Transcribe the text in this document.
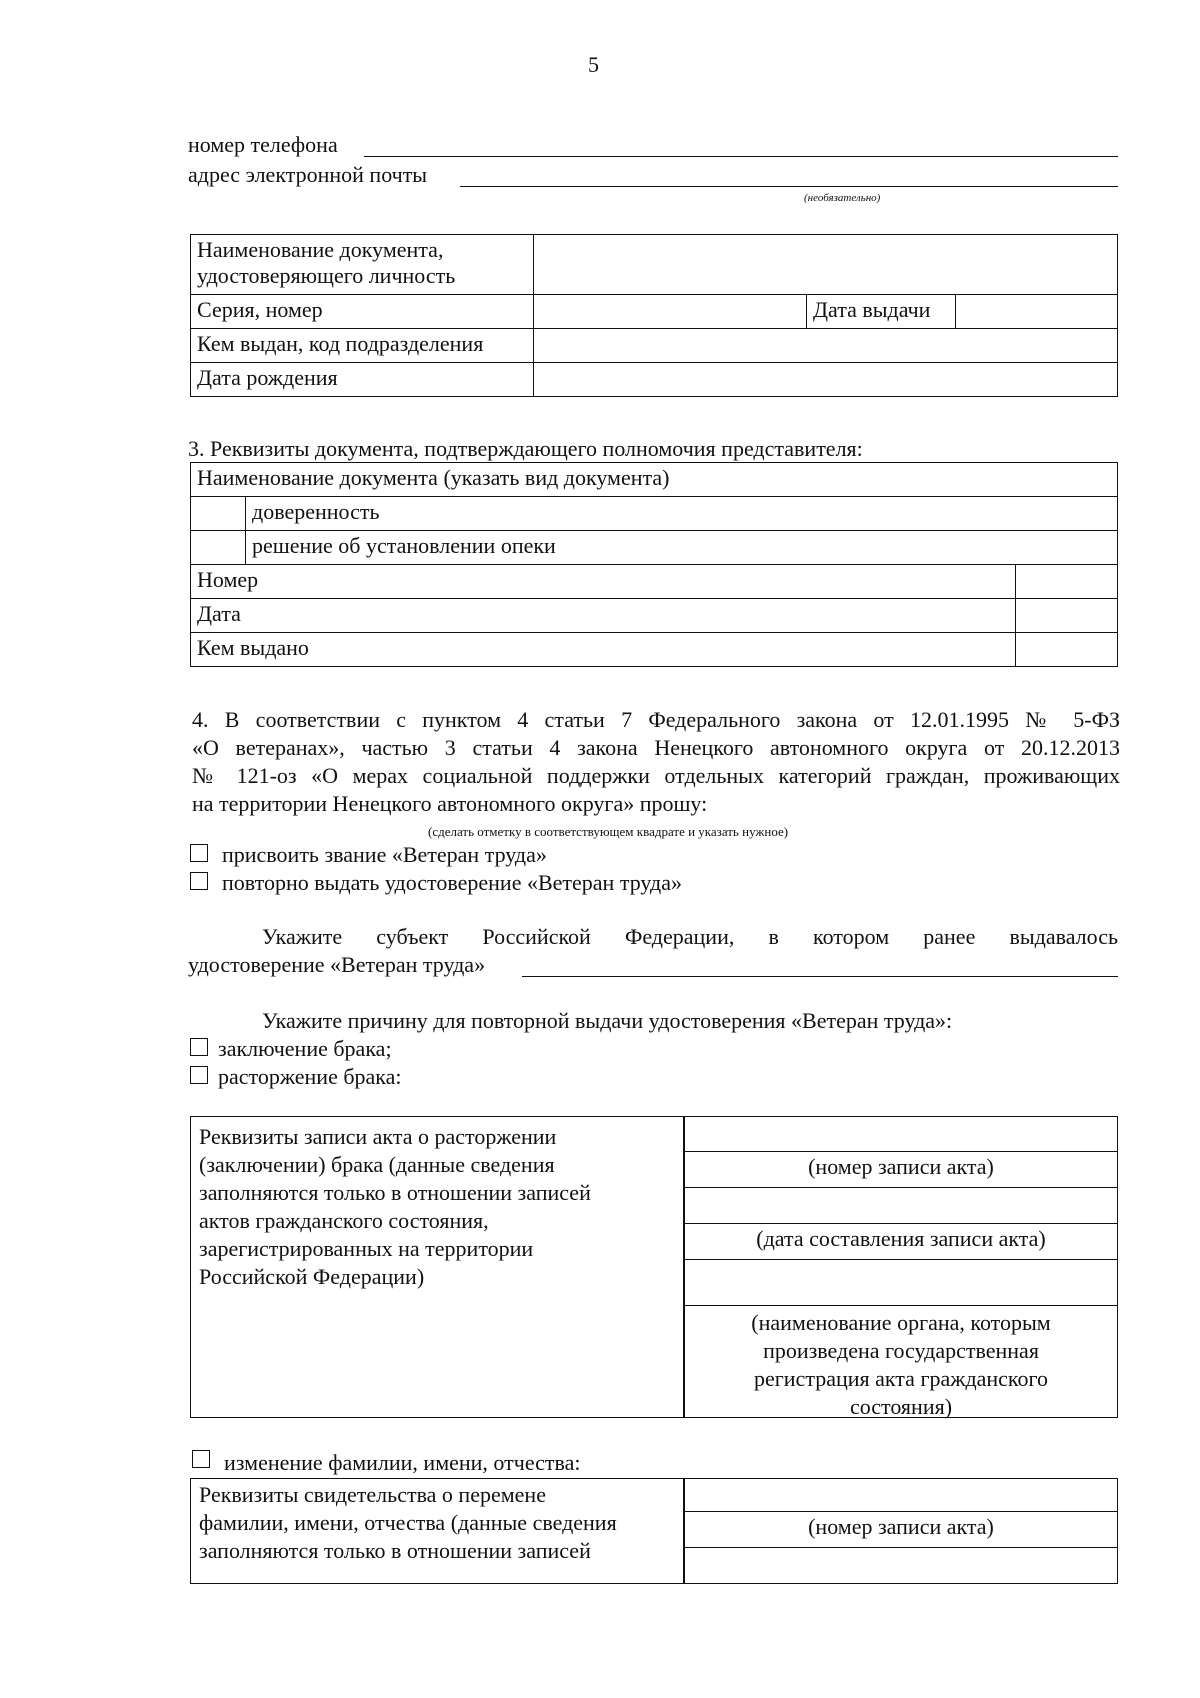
5
номер телефона
адрес электронной почты
(необязательно)
Наименование документа, удостоверяющего личность			
Серия, номер		Дата выдачи	
Кем выдан, код подразделения			
Дата рождения			
3. Реквизиты документа, подтверждающего полномочия представителя:
Наименование документа (указать вид документа)		
	доверенность	
	решение об установлении опеки	
Номер		
Дата		
Кем выдано		
4. В соответствии с пунктом 4 статьи 7 Федерального закона от 12.01.1995 № 5-ФЗ
«О ветеранах», частью 3 статьи 4 закона Ненецкого автономного округа от 20.12.2013
№ 121-оз «О мерах социальной поддержки отдельных категорий граждан, проживающих
на территории Ненецкого автономного округа» прошу:
(сделать отметку в соответствующем квадрате и указать нужное)
присвоить звание «Ветеран труда»
повторно выдать удостоверение «Ветеран труда»
Укажите субъект Российской Федерации, в котором ранее выдавалось
удостоверение «Ветеран труда»
Укажите причину для повторной выдачи удостоверения «Ветеран труда»:
заключение брака;
расторжение брака:
Реквизиты записи акта о расторжении
(заключении) брака (данные сведения
заполняются только в отношении записей
актов гражданского состояния,
зарегистрированных на территории
Российской Федерации)
(номер записи акта)
(дата составления записи акта)
(наименование органа, которым
произведена государственная
регистрация акта гражданского
состояния)
изменение фамилии, имени, отчества:
Реквизиты свидетельства о перемене
фамилии, имени, отчества (данные сведения
заполняются только в отношении записей
(номер записи акта)
